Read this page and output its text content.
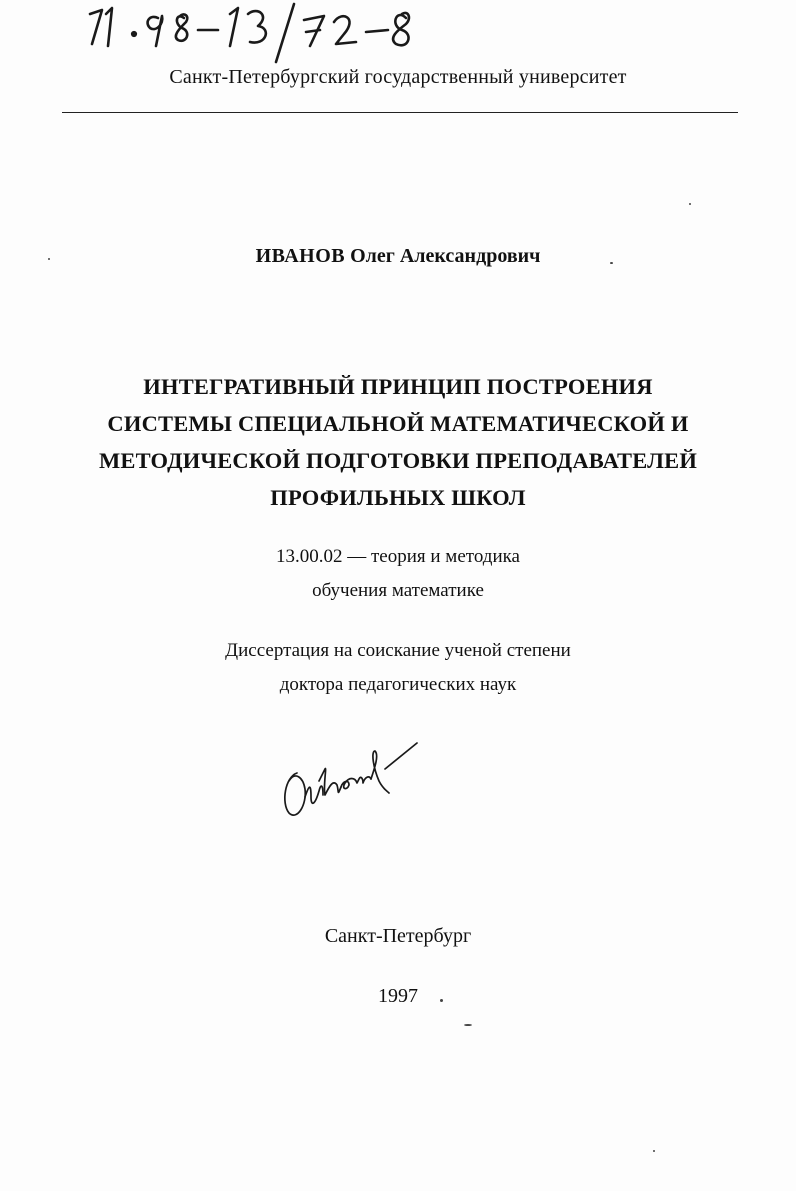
Санкт-Петербургский государственный университет
ИВАНОВ Олег Александрович
ИНТЕГРАТИВНЫЙ ПРИНЦИП ПОСТРОЕНИЯ
СИСТЕМЫ СПЕЦИАЛЬНОЙ МАТЕМАТИЧЕСКОЙ И
МЕТОДИЧЕСКОЙ ПОДГОТОВКИ ПРЕПОДАВАТЕЛЕЙ
ПРОФИЛЬНЫХ ШКОЛ
13.00.02 — теория и методика
обучения математике
Диссертация на соискание ученой степени
доктора педагогических наук
Санкт-Петербург
1997
